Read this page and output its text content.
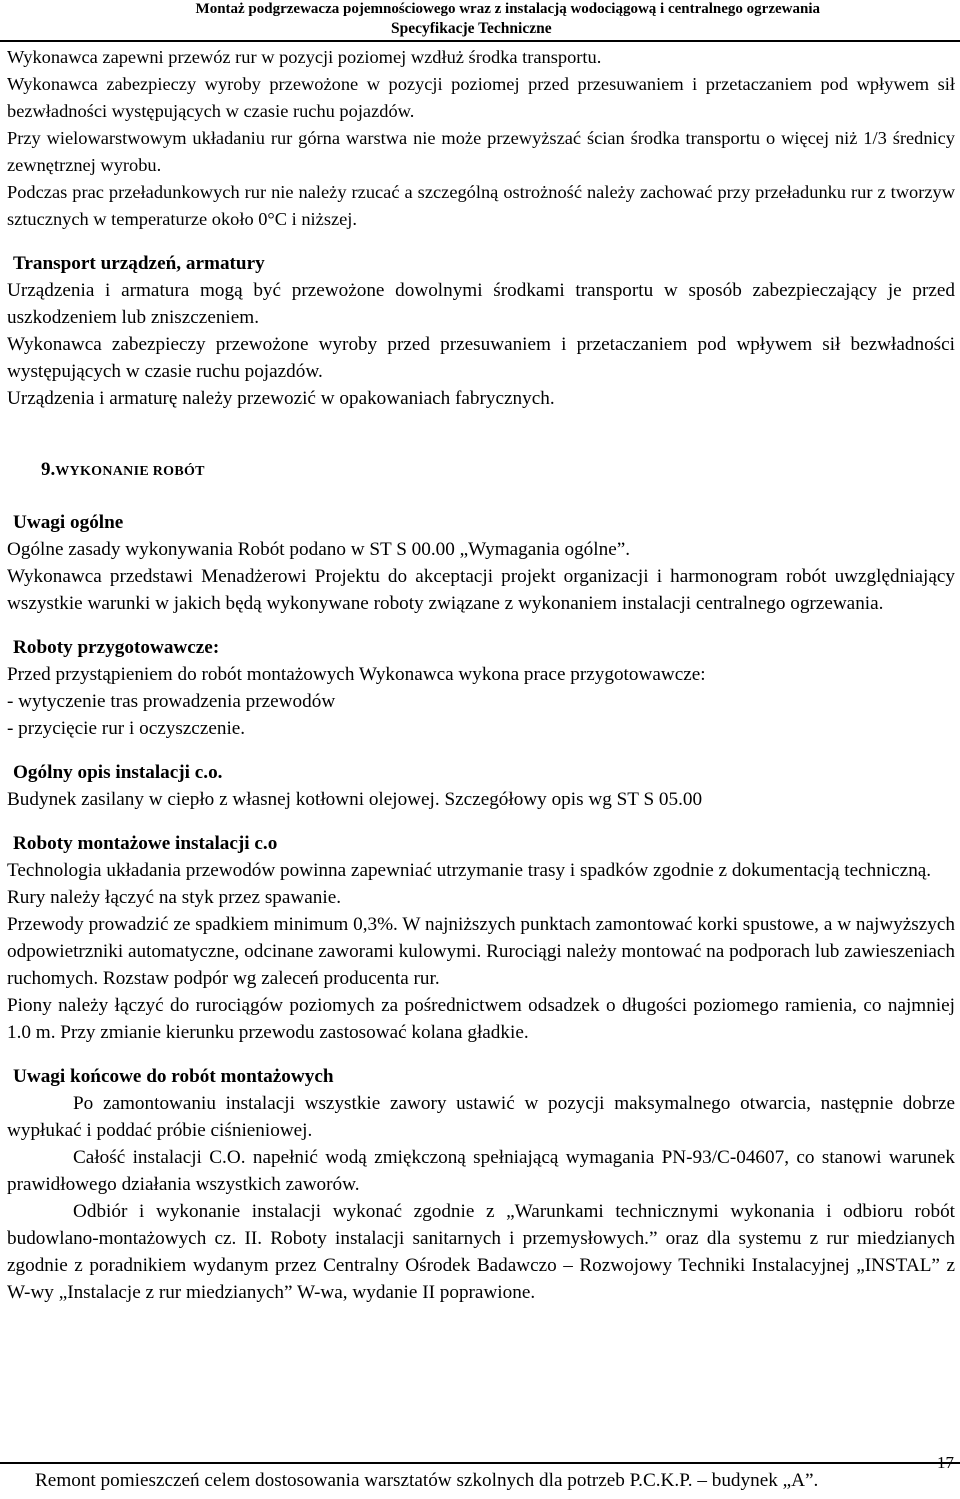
Montaż podgrzewacza pojemnościowego wraz z instalacją wodociągową i centralnego ogrzewania
Specyfikacje Techniczne

Wykonawca zapewni przewóz rur w pozycji poziomej wzdłuż środka transportu.

Wykonawca zabezpieczy wyroby przewożone w pozycji poziomej przed przesuwaniem i przetaczaniem pod wpływem sił bezwładności występujących w czasie ruchu pojazdów.

Przy wielowarstwowym układaniu rur górna warstwa nie może przewyższać ścian środka transportu o więcej niż 1/3 średnicy zewnętrznej wyrobu.

Podczas prac przeładunkowych rur nie należy rzucać a szczególną ostrożność należy zachować przy przeładunku rur z tworzyw sztucznych w temperaturze około 0°C i niższej.

Transport urządzeń, armatury

Urządzenia i armatura mogą być przewożone dowolnymi środkami transportu w sposób zabezpieczający je przed uszkodzeniem lub zniszczeniem.

Wykonawca zabezpieczy przewożone wyroby przed przesuwaniem i przetaczaniem pod wpływem sił bezwładności występujących w czasie ruchu pojazdów.

Urządzenia i armaturę należy przewozić w opakowaniach fabrycznych.

9.WYKONANIE ROBÓT

Uwagi ogólne

Ogólne zasady wykonywania Robót podano w ST S 00.00 „Wymagania ogólne”.

Wykonawca przedstawi Menadżerowi Projektu do akceptacji projekt organizacji i harmonogram robót uwzględniający wszystkie warunki w jakich będą wykonywane roboty związane z wykonaniem instalacji centralnego ogrzewania.

Roboty przygotowawcze:

Przed przystąpieniem do robót montażowych Wykonawca wykona prace przygotowawcze:

- wytyczenie tras prowadzenia przewodów

- przycięcie rur i oczyszczenie.

Ogólny opis instalacji c.o.

Budynek zasilany w ciepło z własnej kotłowni olejowej. Szczegółowy opis wg ST S 05.00

Roboty montażowe instalacji c.o

Technologia układania przewodów powinna zapewniać utrzymanie trasy i spadków zgodnie z dokumentacją techniczną.

Rury należy łączyć na styk przez spawanie.

Przewody prowadzić ze spadkiem minimum 0,3%. W najniższych punktach zamontować korki spustowe, a w najwyższych odpowietrzniki automatyczne, odcinane zaworami kulowymi. Rurociągi należy montować na podporach lub zawieszeniach ruchomych. Rozstaw podpór wg zaleceń producenta rur.

Piony należy łączyć do rurociągów poziomych za pośrednictwem odsadzek o długości poziomego ramienia, co najmniej 1.0 m. Przy zmianie kierunku przewodu zastosować kolana gładkie.

Uwagi końcowe do robót montażowych

Po zamontowaniu instalacji wszystkie zawory ustawić w pozycji maksymalnego otwarcia, następnie dobrze wypłukać i poddać próbie ciśnieniowej.

Całość instalacji C.O. napełnić wodą zmiękczoną spełniającą wymagania PN-93/C-04607, co stanowi warunek prawidłowego działania wszystkich zaworów.

Odbiór i wykonanie instalacji wykonać zgodnie z „Warunkami technicznymi wykonania i odbioru robót budowlano-montażowych cz. II. Roboty instalacji sanitarnych i przemysłowych.” oraz dla systemu z rur miedzianych zgodnie z poradnikiem wydanym przez Centralny Ośrodek Badawczo – Rozwojowy Techniki Instalacyjnej „INSTAL” z W-wy „Instalacje z rur miedzianych” W-wa, wydanie II poprawione.

Remont pomieszczeń celem dostosowania warsztatów szkolnych dla potrzeb P.C.K.P. – budynek „A”.
17
